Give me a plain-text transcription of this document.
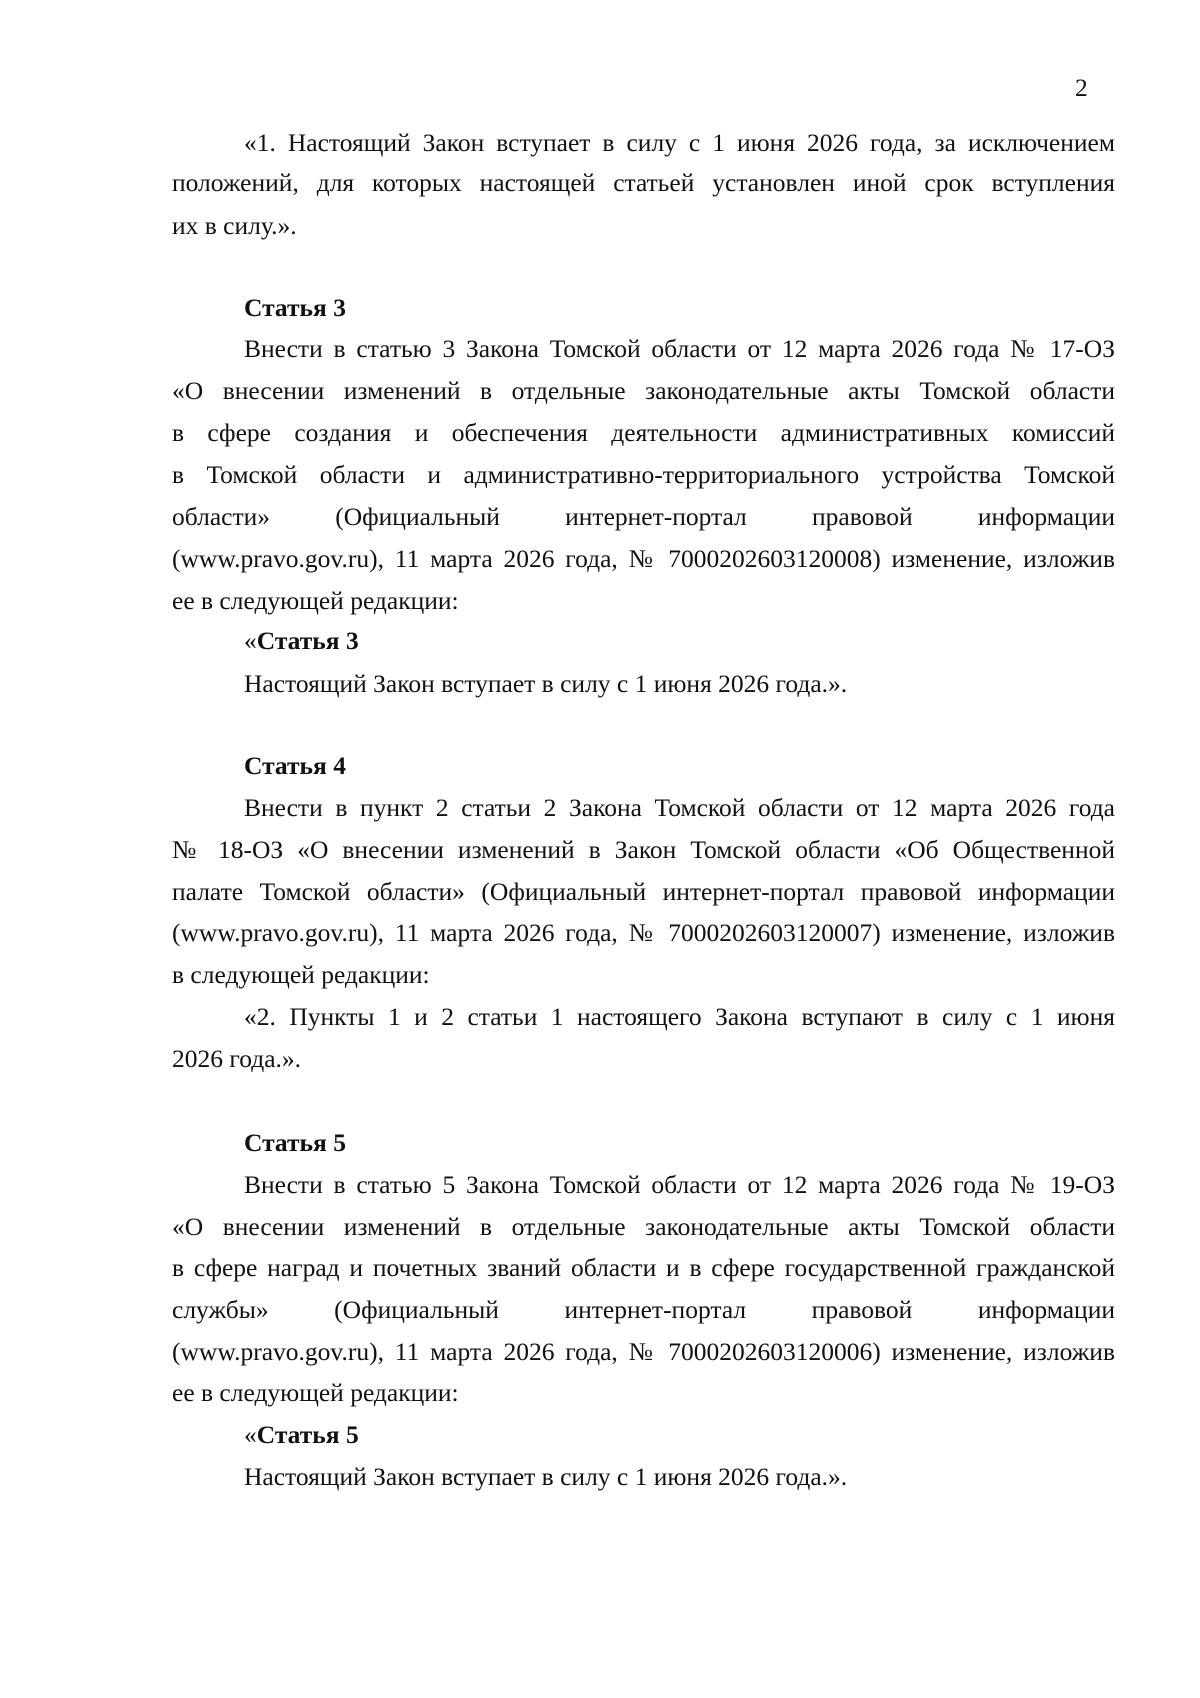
2
«1. Настоящий Закон вступает в силу с 1 июня 2026 года, за исключением
положений, для которых настоящей статьей установлен иной срок вступления
их в силу.».
Статья 3
Внести в статью 3 Закона Томской области от 12 марта 2026 года № 17-ОЗ
«О внесении изменений в отдельные законодательные акты Томской области
в сфере создания и обеспечения деятельности административных комиссий
в Томской области и административно-территориального устройства Томской
области» (Официальный интернет-портал правовой информации
(www.pravo.gov.ru), 11 марта 2026 года, № 7000202603120008) изменение, изложив
ее в следующей редакции:
«Статья 3
Настоящий Закон вступает в силу с 1 июня 2026 года.».
Статья 4
Внести в пункт 2 статьи 2 Закона Томской области от 12 марта 2026 года
№ 18-ОЗ «О внесении изменений в Закон Томской области «Об Общественной
палате Томской области» (Официальный интернет-портал правовой информации
(www.pravo.gov.ru), 11 марта 2026 года, № 7000202603120007) изменение, изложив
в следующей редакции:
«2. Пункты 1 и 2 статьи 1 настоящего Закона вступают в силу с 1 июня
2026 года.».
Статья 5
Внести в статью 5 Закона Томской области от 12 марта 2026 года № 19-ОЗ
«О внесении изменений в отдельные законодательные акты Томской области
в сфере наград и почетных званий области и в сфере государственной гражданской
службы» (Официальный интернет-портал правовой информации
(www.pravo.gov.ru), 11 марта 2026 года, № 7000202603120006) изменение, изложив
ее в следующей редакции:
«Статья 5
Настоящий Закон вступает в силу с 1 июня 2026 года.».
